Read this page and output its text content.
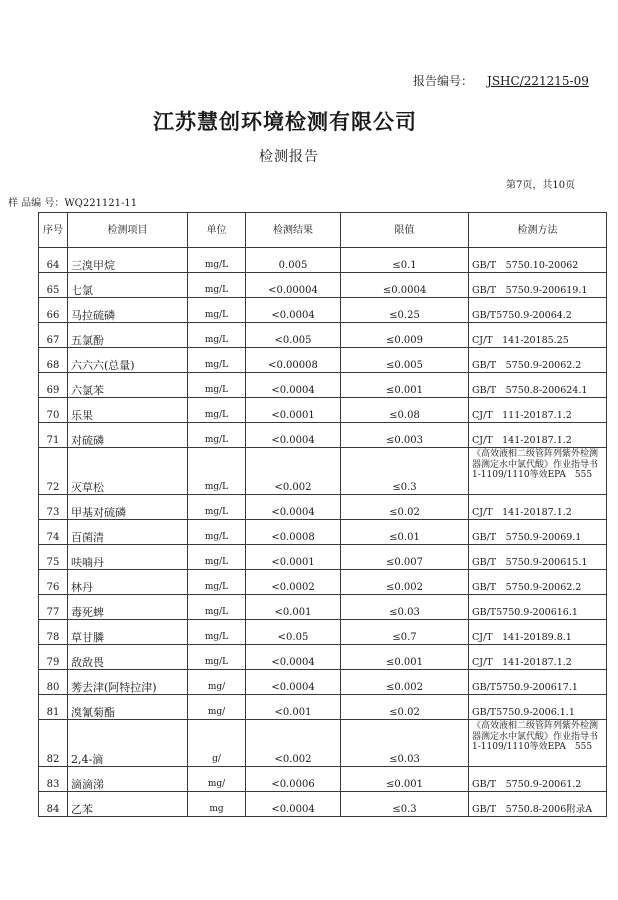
报告编号： JSHC/221215-09
江苏慧创环境检测有限公司
检测报告
第7页，共10页
样 品编 号：WQ221121-11
序号	检测项目	单位	检测结果	限值	检测方法
64	三溴甲烷	mg/L	0.005	≤0.1	GB/T　5750.10-20062
65	七氯	mg/L	<0.00004	≤0.0004	GB/T　5750.9-200619.1
66	马拉硫磷	mg/L	<0.0004	≤0.25	GB/T5750.9-20064.2
67	五氯酚	mg/L	<0.005	≤0.009	CJ/T　141-20185.25
68	六六六(总量)	mg/L	<0.00008	≤0.005	GB/T　5750.9-20062.2
69	六氯苯	mg/L	<0.0004	≤0.001	GB/T　5750.8-200624.1
70	乐果	mg/L	<0.0001	≤0.08	CJ/T　111-20187.1.2
71	对硫磷	mg/L	<0.0004	≤0.003	CJ/T　141-20187.1.2
72	灭草松	mg/L	<0.002	≤0.3	《高效液相二级管阵列紫外检测器测定水中氯代酸》作业指导书1-1109/1110等效EPA　555
73	甲基对硫磷	mg/L	<0.0004	≤0.02	CJ/T　141-20187.1.2
74	百菌清	mg/L	<0.0008	≤0.01	GB/T　5750.9-20069.1
75	呋喃丹	mg/L	<0.0001	≤0.007	GB/T　5750.9-200615.1
76	林丹	mg/L	<0.0002	≤0.002	GB/T　5750.9-20062.2
77	毒死蜱	mg/L	<0.001	≤0.03	GB/T5750.9-200616.1
78	草甘膦	mg/L	<0.05	≤0.7	CJ/T　141-20189.8.1
79	敌敌畏	mg/L	<0.0004	≤0.001	CJ/T　141-20187.1.2
80	莠去津(阿特拉津)	mg/	<0.0004	≤0.002	GB/T5750.9-200617.1
81	溴氰菊酯	mg/	<0.001	≤0.02	GB/T5750.9-2006.1.1
82	2,4-滴	g/	<0.002	≤0.03	《高效液相二级管阵列紫外检测器测定水中氯代酸》作业指导书1-1109/1110等效EPA　555
83	滴滴涕	mg/	<0.0006	≤0.001	GB/T　5750.9-20061.2
84	乙苯	mg	<0.0004	≤0.3	GB/T　5750.8-2006附录A
